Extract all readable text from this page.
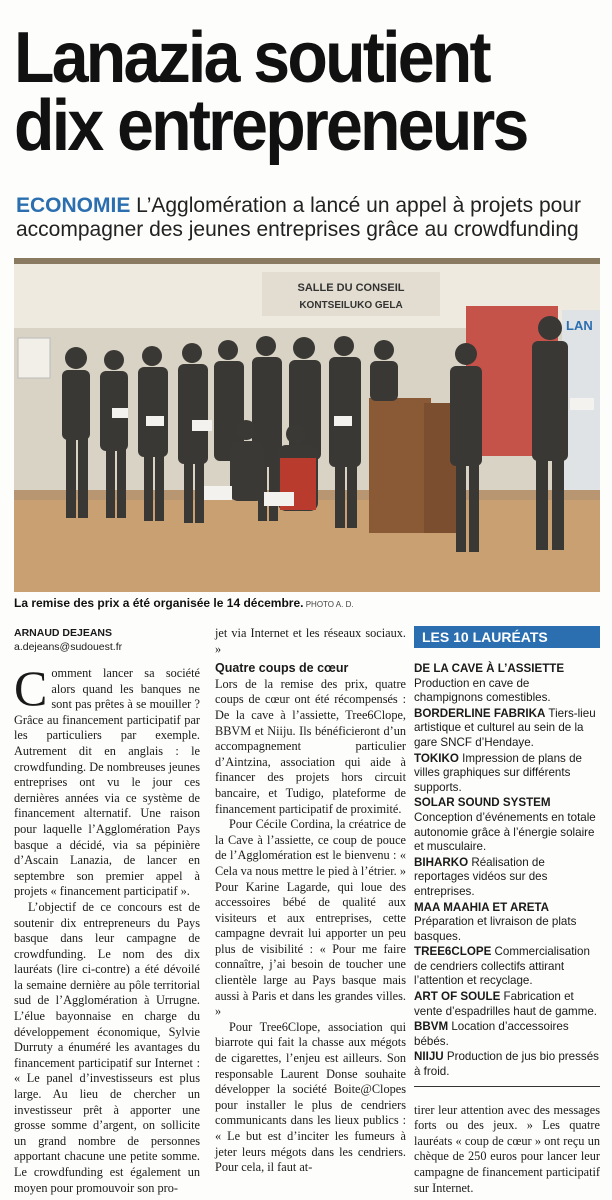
Lanazia soutient
dix entrepreneurs
ECONOMIE L’Agglomération a lancé un appel à projets pour accompagner des jeunes entreprises grâce au crowdfunding
SALLE DU CONSEIL
KONTSEILUKO GELA
LAN
La remise des prix a été organisée le 14 décembre. PHOTO A. D.
ARNAUD DEJEANS
a.dejeans@sudouest.fr

Comment lancer sa société alors quand les banques ne sont pas prêtes à se mouiller ? Grâce au financement participatif par les particuliers par exemple. Autrement dit en anglais : le crowdfunding. De nombreuses jeunes entreprises ont vu le jour ces dernières années via ce système de financement alternatif. Une raison pour laquelle l’Agglomération Pays basque a décidé, via sa pépinière d’Ascain Lanazia, de lancer en septembre son premier appel à projets « financement participatif ».

L’objectif de ce concours est de soutenir dix entrepreneurs du Pays basque dans leur campagne de crowdfunding. Le nom des dix lauréats (lire ci-contre) a été dévoilé la semaine dernière au pôle territorial sud de l’Agglomération à Urrugne. L’élue bayonnaise en charge du développement économique, Sylvie Durruty a énuméré les avantages du financement participatif sur Internet : « Le panel d’investisseurs est plus large. Au lieu de chercher un investisseur prêt à apporter une grosse somme d’argent, on sollicite un grand nombre de personnes apportant chacune une petite somme. Le crowdfunding est également un moyen pour promouvoir son pro-

jet via Internet et les réseaux sociaux. »

Quatre coups de cœur

Lors de la remise des prix, quatre coups de cœur ont été récompensés : De la cave à l’assiette, Tree6Clope, BBVM et Niiju. Ils bénéficieront d’un accompagnement particulier d’Aintzina, association qui aide à financer des projets hors circuit bancaire, et Tudigo, plateforme de financement participatif de proximité.

Pour Cécile Cordina, la créatrice de la Cave à l’assiette, ce coup de pouce de l’Agglomération est le bienvenu : « Cela va nous mettre le pied à l’étrier. » Pour Karine Lagarde, qui loue des accessoires bébé de qualité aux visiteurs et aux entreprises, cette campagne devrait lui apporter un peu plus de visibilité : « Pour me faire connaître, j’ai besoin de toucher une clientèle large au Pays basque mais aussi à Paris et dans les grandes villes. »

Pour Tree6Clope, association qui biarrote qui fait la chasse aux mégots de cigarettes, l’enjeu est ailleurs. Son responsable Laurent Donse souhaite développer la société Boite@Clopes pour installer le plus de cendriers communicants dans les lieux publics : « Le but est d’inciter les fumeurs à jeter leurs mégots dans les cendriers. Pour cela, il faut at-

LES 10 LAURÉATS
DE LA CAVE À L’ASSIETTE Production en cave de champignons comestibles.
BORDERLINE FABRIKA Tiers-lieu artistique et culturel au sein de la gare SNCF d’Hendaye.
TOKIKO Impression de plans de villes graphiques sur différents supports.
SOLAR SOUND SYSTEM Conception d’événements en totale autonomie grâce à l’énergie solaire et musculaire.
BIHARKO Réalisation de reportages vidéos sur des entreprises.
MAA MAAHIA ET ARETA Préparation et livraison de plats basques.
TREE6CLOPE Commercialisation de cendriers collectifs attirant l’attention et recyclage.
ART OF SOULE Fabrication et vente d’espadrilles haut de gamme.
BBVM Location d’accessoires bébés.
NIIJU Production de jus bio pressés à froid.

tirer leur attention avec des messages forts ou des jeux. » Les quatre lauréats « coup de cœur » ont reçu un chèque de 250 euros pour lancer leur campagne de financement participatif sur Internet.
